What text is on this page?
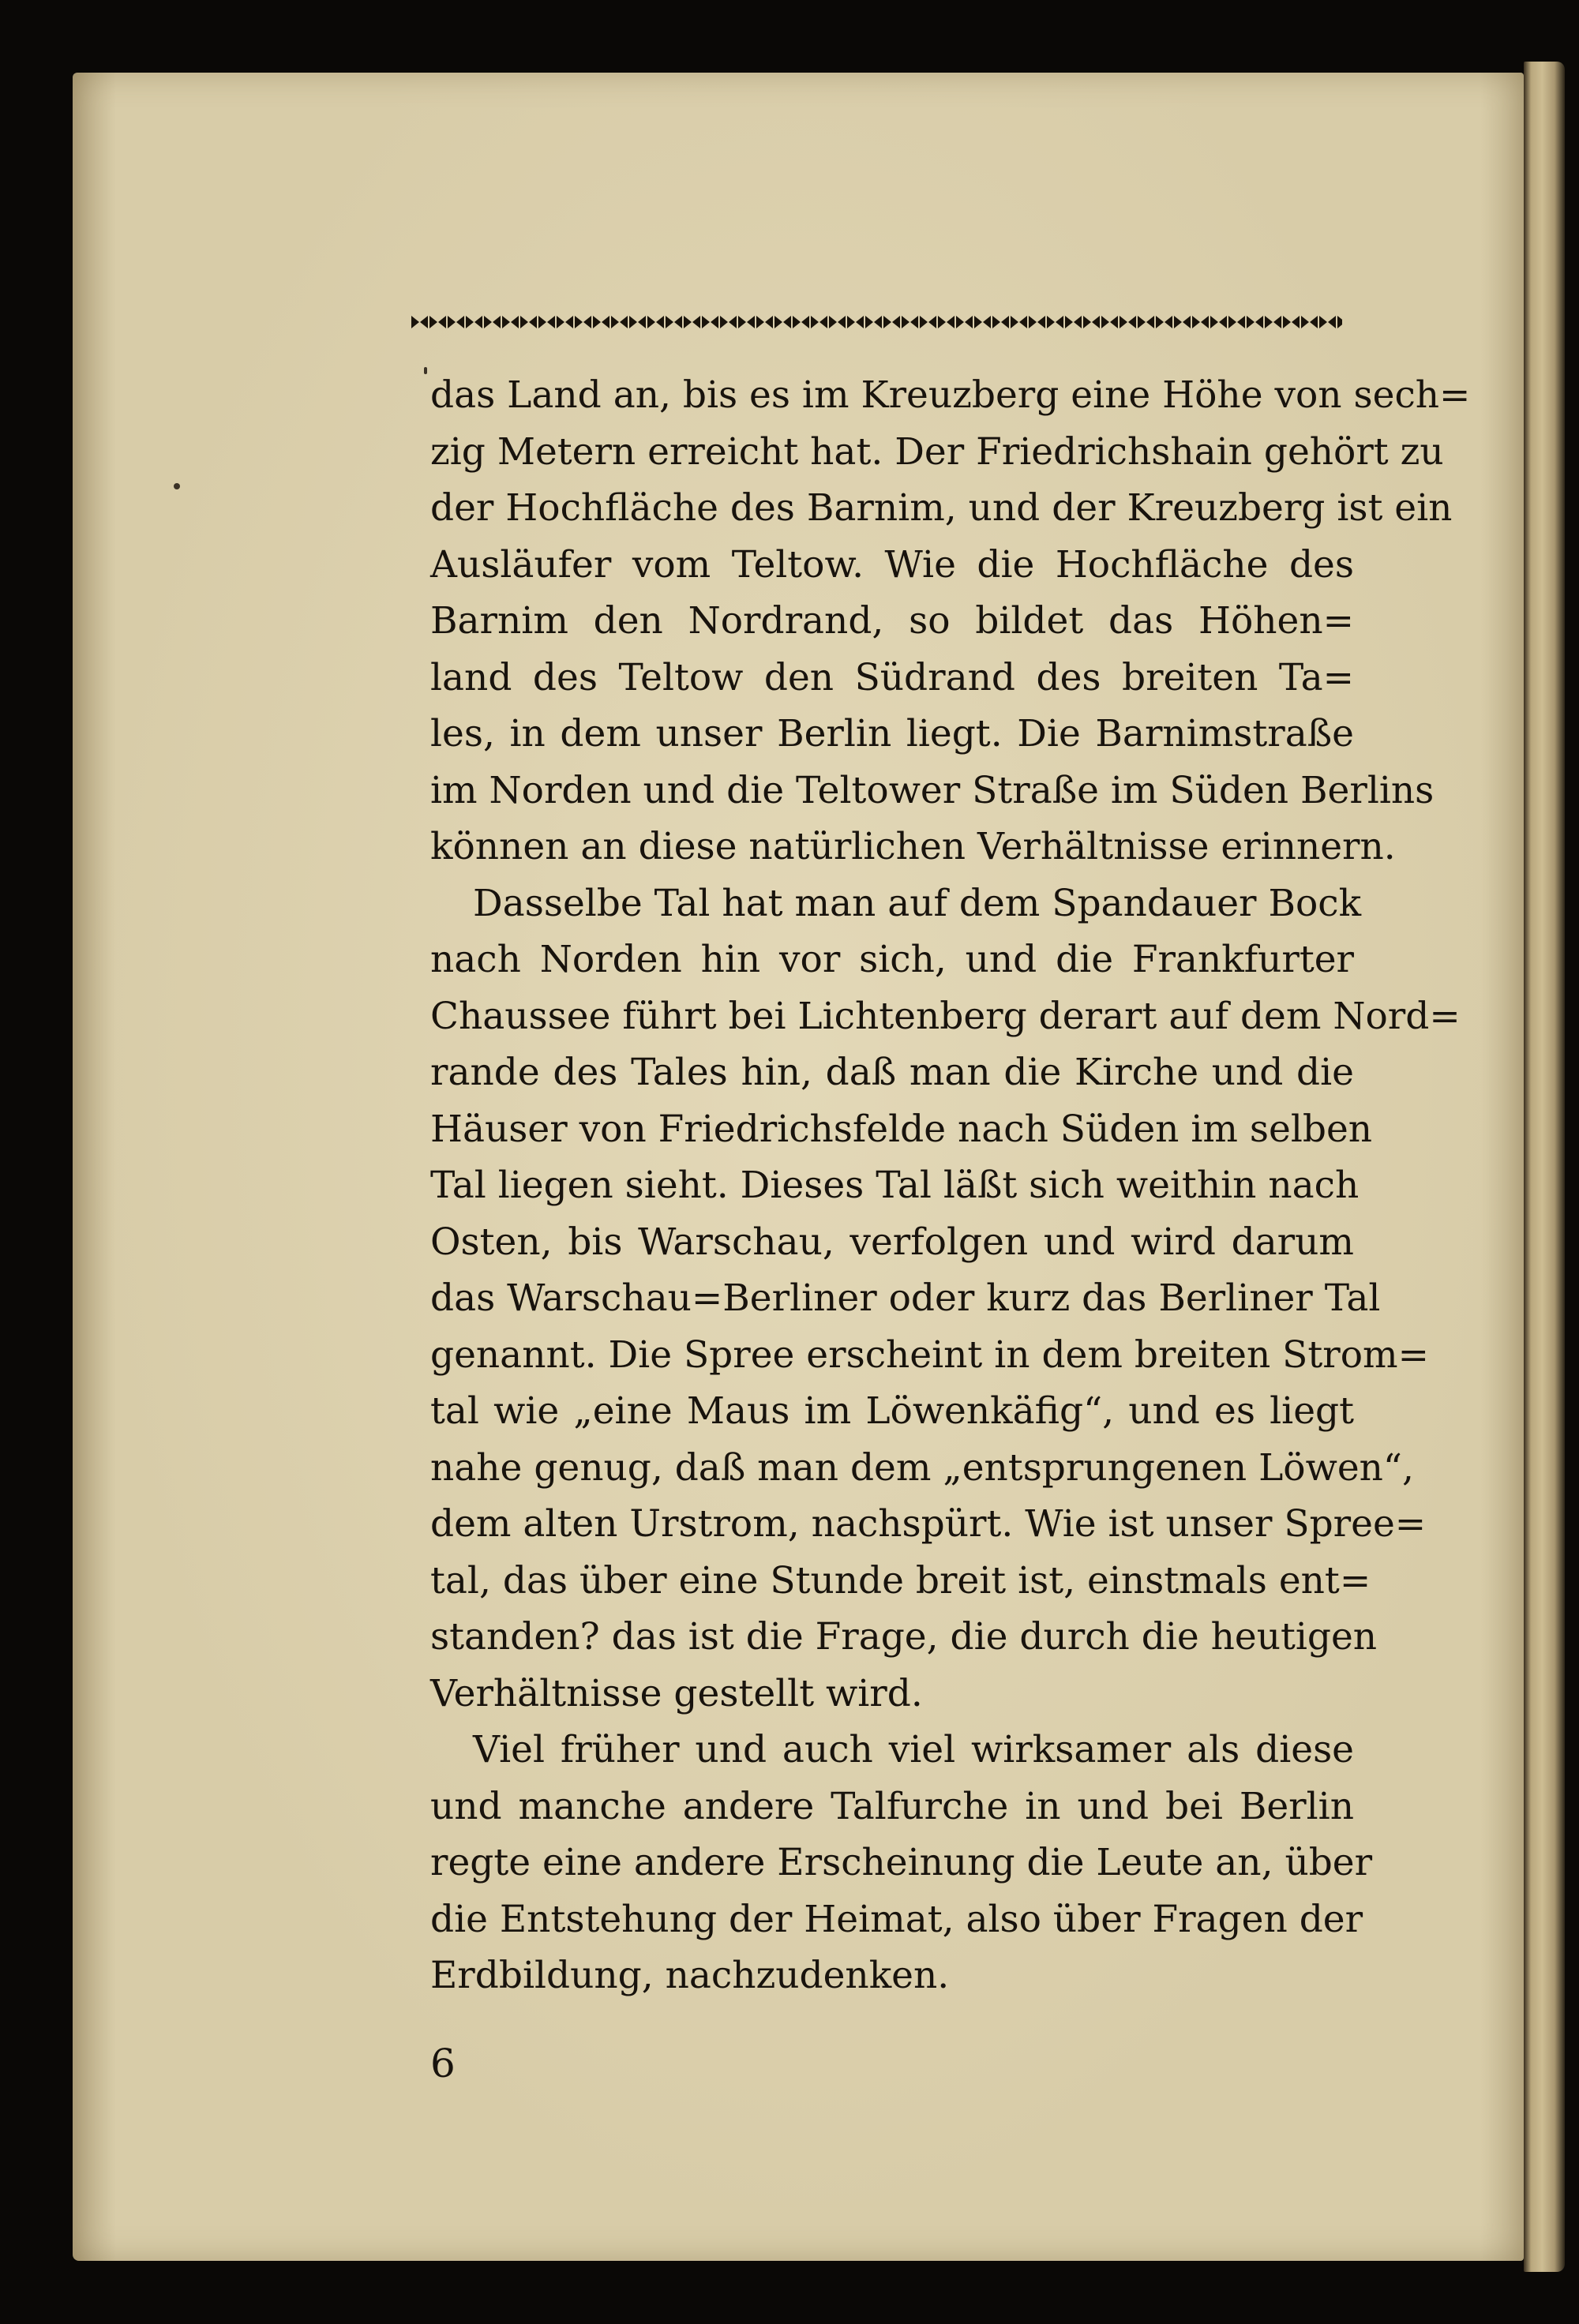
das Land an, bis es im Kreuzberg eine Höhe von sech=
zig Metern erreicht hat. Der Friedrichshain gehört zu
der Hochfläche des Barnim, und der Kreuzberg ist ein
Ausläufer vom Teltow. Wie die Hochfläche des
Barnim den Nordrand, so bildet das Höhen=
land des Teltow den Südrand des breiten Ta=
les, in dem unser Berlin liegt. Die Barnimstraße
im Norden und die Teltower Straße im Süden Berlins
können an diese natürlichen Verhältnisse erinnern.
Dasselbe Tal hat man auf dem Spandauer Bock
nach Norden hin vor sich, und die Frankfurter
Chaussee führt bei Lichtenberg derart auf dem Nord=
rande des Tales hin, daß man die Kirche und die
Häuser von Friedrichsfelde nach Süden im selben
Tal liegen sieht. Dieses Tal läßt sich weithin nach
Osten, bis Warschau, verfolgen und wird darum
das Warschau=Berliner oder kurz das Berliner Tal
genannt. Die Spree erscheint in dem breiten Strom=
tal wie „eine Maus im Löwenkäfig“, und es liegt
nahe genug, daß man dem „entsprungenen Löwen“,
dem alten Urstrom, nachspürt. Wie ist unser Spree=
tal, das über eine Stunde breit ist, einstmals ent=
standen? das ist die Frage, die durch die heutigen
Verhältnisse gestellt wird.
Viel früher und auch viel wirksamer als diese
und manche andere Talfurche in und bei Berlin
regte eine andere Erscheinung die Leute an, über
die Entstehung der Heimat, also über Fragen der
Erdbildung, nachzudenken.
6
